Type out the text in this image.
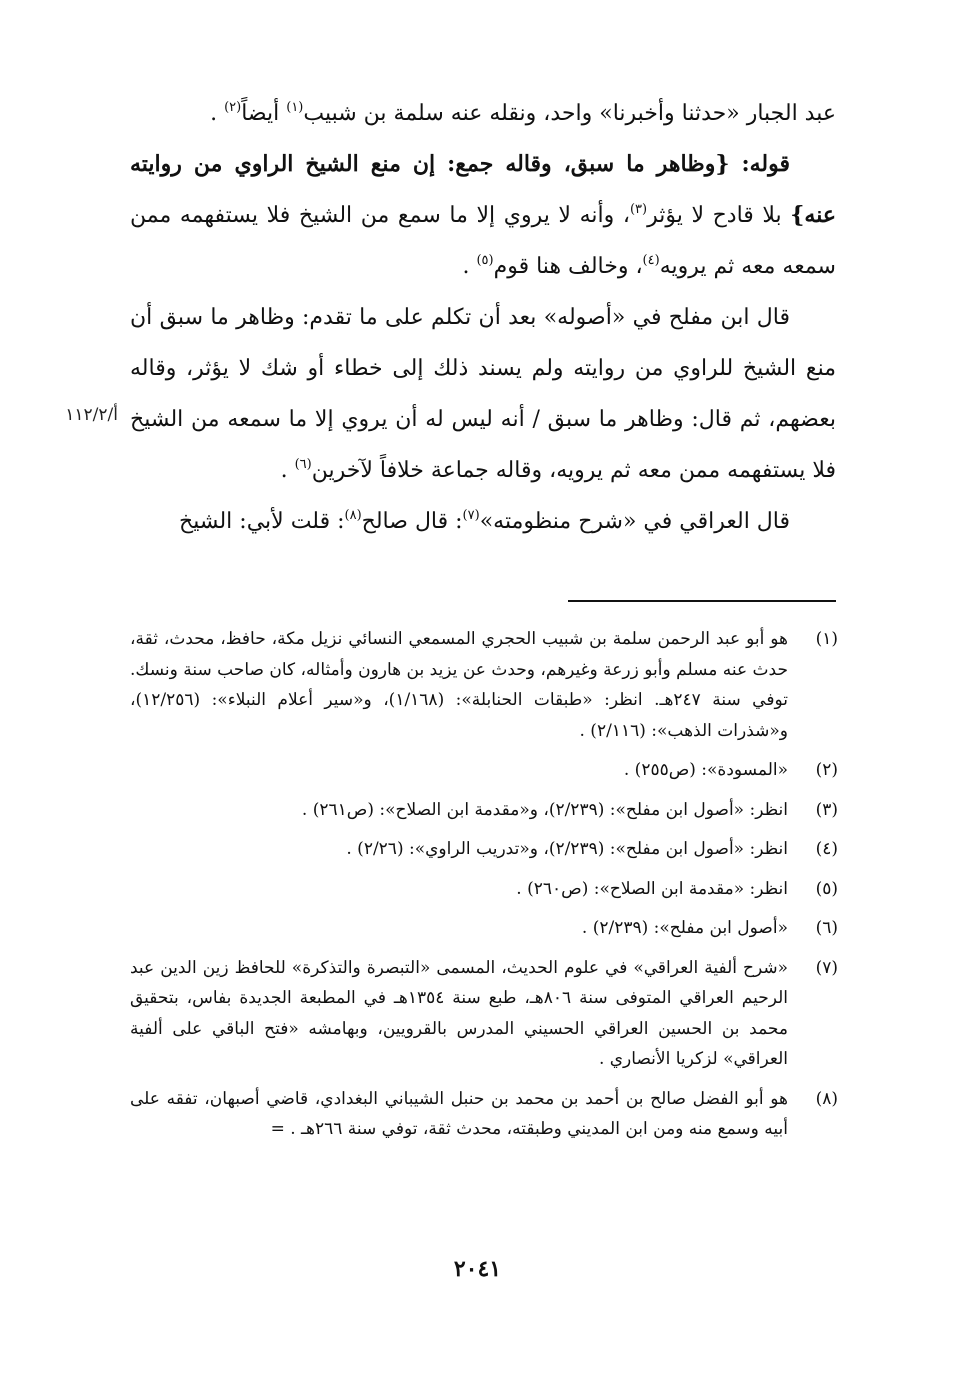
عبد الجبار «حدثنا وأخبرنا» واحد، ونقله عنه سلمة بن شبيب$^{(١)}$ أيضاً$^{(٢)}$ .

قوله: {وظاهر ما سبق، وقاله جمع: إن منع الشيخ الراوي من روايته عنه} بلا قادح لا يؤثر$^{(٣)}$، وأنه لا يروي إلا ما سمع من الشيخ فلا يستفهمه ممن سمعه معه ثم يرويه$^{(٤)}$، وخالف هنا قوم$^{(٥)}$ .

قال ابن مفلح في «أصوله» بعد أن تكلم على ما تقدم: وظاهر ما سبق أن منع الشيخ للراوي من روايته ولم يسند ذلك إلى خطاء أو شك لا يؤثر، وقاله بعضهم، ثم قال: وظاهر ما سبق / أنه ليس له أن يروي إلا ما سمعه من الشيخ فلا يستفهمه ممن معه ثم يرويه، وقاله جماعة خلافاً لآخرين$^{(٦)}$ .

قال العراقي في «شرح منظومته»$^{(٧)}$: قال صالح$^{(٨)}$: قلت لأبي: الشيخ

أ/١١٢/٢
(١)
هو أبو عبد الرحمن سلمة بن شبيب الحجري المسمعي النسائي نزيل مكة، حافظ، محدث، ثقة، حدث عنه مسلم وأبو زرعة وغيرهم، وحدث عن يزيد بن هارون وأمثاله، كان صاحب سنة ونسك. توفي سنة ٢٤٧هـ. انظر: «طبقات الحنابلة»: (١/١٦٨)، و«سير أعلام النبلاء»: (١٢/٢٥٦)، و«شذرات الذهب»: (٢/١١٦) .
(٢)
«المسودة»: (ص٢٥٥) .
(٣)
انظر: «أصول ابن مفلح»: (٢/٢٣٩)، و«مقدمة ابن الصلاح»: (ص٢٦١) .
(٤)
انظر: «أصول ابن مفلح»: (٢/٢٣٩)، و«تدريب الراوي»: (٢/٢٦) .
(٥)
انظر: «مقدمة ابن الصلاح»: (ص٢٦٠) .
(٦)
«أصول ابن مفلح»: (٢/٢٣٩) .
(٧)
«شرح ألفية العراقي» في علوم الحديث، المسمى «التبصرة والتذكرة» للحافظ زين الدين عبد الرحيم العراقي المتوفى سنة ٨٠٦هـ، طبع سنة ١٣٥٤هـ في المطبعة الجديدة بفاس، بتحقيق محمد بن الحسين العراقي الحسيني المدرس بالقرويين، وبهامشه «فتح الباقي على ألفية العراقي» لزكريا الأنصاري .
(٨)
هو أبو الفضل صالح بن أحمد بن محمد بن حنبل الشيباني البغدادي، قاضي أصبهان، تفقه على أبيه وسمع منه ومن ابن المديني وطبقته، محدث ثقة، توفي سنة ٢٦٦هـ . =
٢٠٤١
